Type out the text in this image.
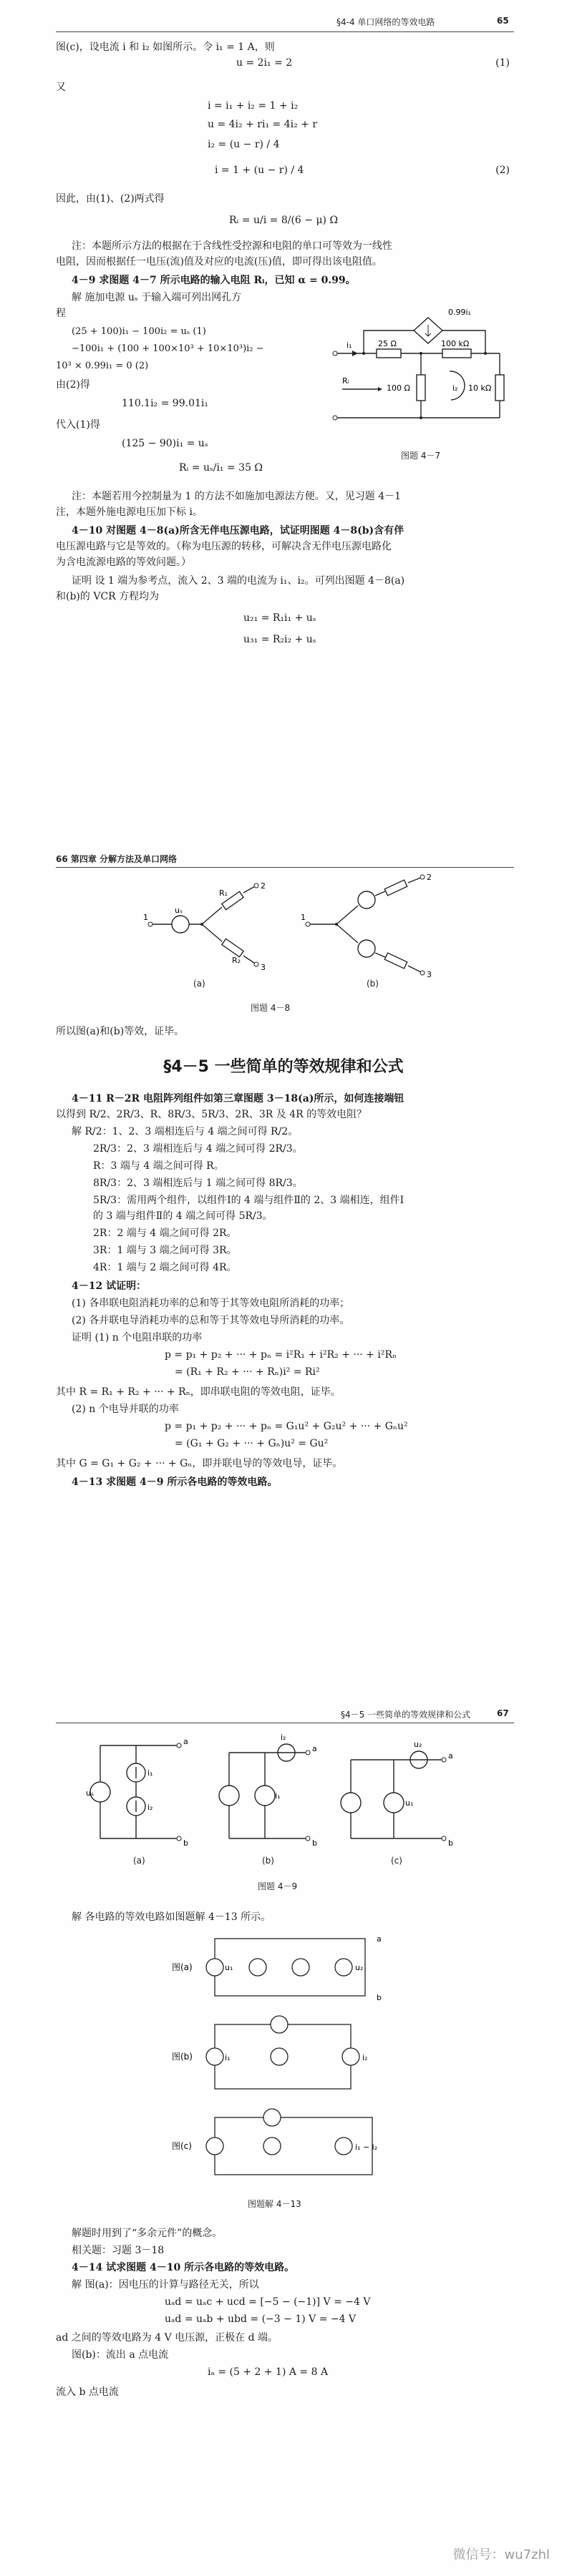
§4-4 单口网络的等效电路	65
图(c)，设电流 i 和 i₂ 如图所示。令 i₁ = 1 A，则
u = 2i₁ = 2	(1)
又
i = i₁ + i₂ = 1 + i₂
u = 4i₂ + ri₁ = 4i₂ + r
i₂ = (u − r) / 4
i = 1 + (u − r) / 4	(2)
因此，由(1)、(2)两式得
Rᵢ = u/i = 8/(6 − μ) Ω
注：本题所示方法的根据在于含线性受控源和电阻的单口可等效为一线性
电阻，因而根据任一电压(流)值及对应的电流(压)值，即可得出该电阻值。
4－9 求图题 4－7 所示电路的输入电阻 Rᵢ，已知 α = 0.99。
解 施加电源 uₛ 于输入端可列出网孔方
程
(25 + 100)i₁ − 100i₂ = uₛ (1)
−100i₁ + (100 + 100×10³ + 10×10³)i₂ −
10³ × 0.99i₁ = 0 (2)
由(2)得
110.1i₂ = 99.01i₁
代入(1)得
(125 − 90)i₁ = uₛ
Rᵢ = uₛ/i₁ = 35 Ω
0.99i₁
i₁	25 Ω	100 kΩ
Rᵢ
100 Ω	i₂ 10 kΩ
图题 4－7
注：本题若用今控制量为 1 的方法不如施加电源法方便。又，见习题 4－1
注，本题外施电源电压加下标 i。
4－10 对图题 4－8(a)所含无伴电压源电路，试证明图题 4－8(b)含有伴
电压源电路与它是等效的。（称为电压源的转移，可解决含无伴电压源电路化
为含电流源电路的等效问题。）
证明 设 1 端为参考点，流入 2、3 端的电流为 i₁、i₂。可列出图题 4－8(a)
和(b)的 VCR 方程均为
u₂₁ = R₁i₁ + uₛ
u₃₁ = R₂i₂ + uₛ
66 第四章 分解方法及单口网络
uₛ
R₁
R₂
1
2
3
(a)
1
2
3
(b)
图题 4－8
所以图(a)和(b)等效，证毕。
§4－5 一些简单的等效规律和公式
4－11 R－2R 电阻阵列组件如第三章图题 3－18(a)所示，如何连接端钮
以得到 R/2、2R/3、R、8R/3、5R/3、2R、3R 及 4R 的等效电阻？
解 R/2：1、2、3 端相连后与 4 端之间可得 R/2。
2R/3：2、3 端相连后与 4 端之间可得 2R/3。
R：3 端与 4 端之间可得 R。
8R/3：2、3 端相连后与 1 端之间可得 8R/3。
5R/3：需用两个组件，以组件Ⅰ的 4 端与组件Ⅱ的 2、3 端相连，组件Ⅰ
的 3 端与组件Ⅱ的 4 端之间可得 5R/3。
2R：2 端与 4 端之间可得 2R。
3R：1 端与 3 端之间可得 3R。
4R：1 端与 2 端之间可得 4R。
4－12 试证明：
(1) 各串联电阻消耗功率的总和等于其等效电阻所消耗的功率；
(2) 各并联电导消耗功率的总和等于其等效电导所消耗的功率。
证明 (1) n 个电阻串联的功率
p = p₁ + p₂ + ··· + pₙ = i²R₁ + i²R₂ + ··· + i²Rₙ
= (R₁ + R₂ + ··· + Rₙ)i² = Ri²
其中 R = R₁ + R₂ + ··· + Rₙ，即串联电阻的等效电阻，证毕。
(2) n 个电导并联的功率
p = p₁ + p₂ + ··· + pₙ = G₁u² + G₂u² + ··· + Gₙu²
= (G₁ + G₂ + ··· + Gₙ)u² = Gu²
其中 G = G₁ + G₂ + ··· + Gₙ，即并联电导的等效电导，证毕。
4－13 求图题 4－9 所示各电路的等效电路。
§4－5 一些简单的等效规律和公式	67
a
b
uₛ
i₁
i₂
(a)
a
b
i₂
i₁
(b)
a
b
u₂
u₁
(c)
图题 4－9
解 各电路的等效电路如图题解 4－13 所示。
图(a)
图(b)
图(c)
u₂
u₁
i₂
i₁
i₁ − i₂
a
b
图题解 4－13
解题时用到了“多余元件”的概念。
相关题：习题 3－18
4－14 试求图题 4－10 所示各电路的等效电路。
解 图(a)：因电压的计算与路径无关，所以
uₐd = uₐc + ucd = [−5 − (−1)] V = −4 V
uₐd = uₐb + ubd = (−3 − 1) V = −4 V
ad 之间的等效电路为 4 V 电压源，正极在 d 端。
图(b)：流出 a 点电流
iₐ = (5 + 2 + 1) A = 8 A
流入 b 点电流
微信号：wu7zhl
